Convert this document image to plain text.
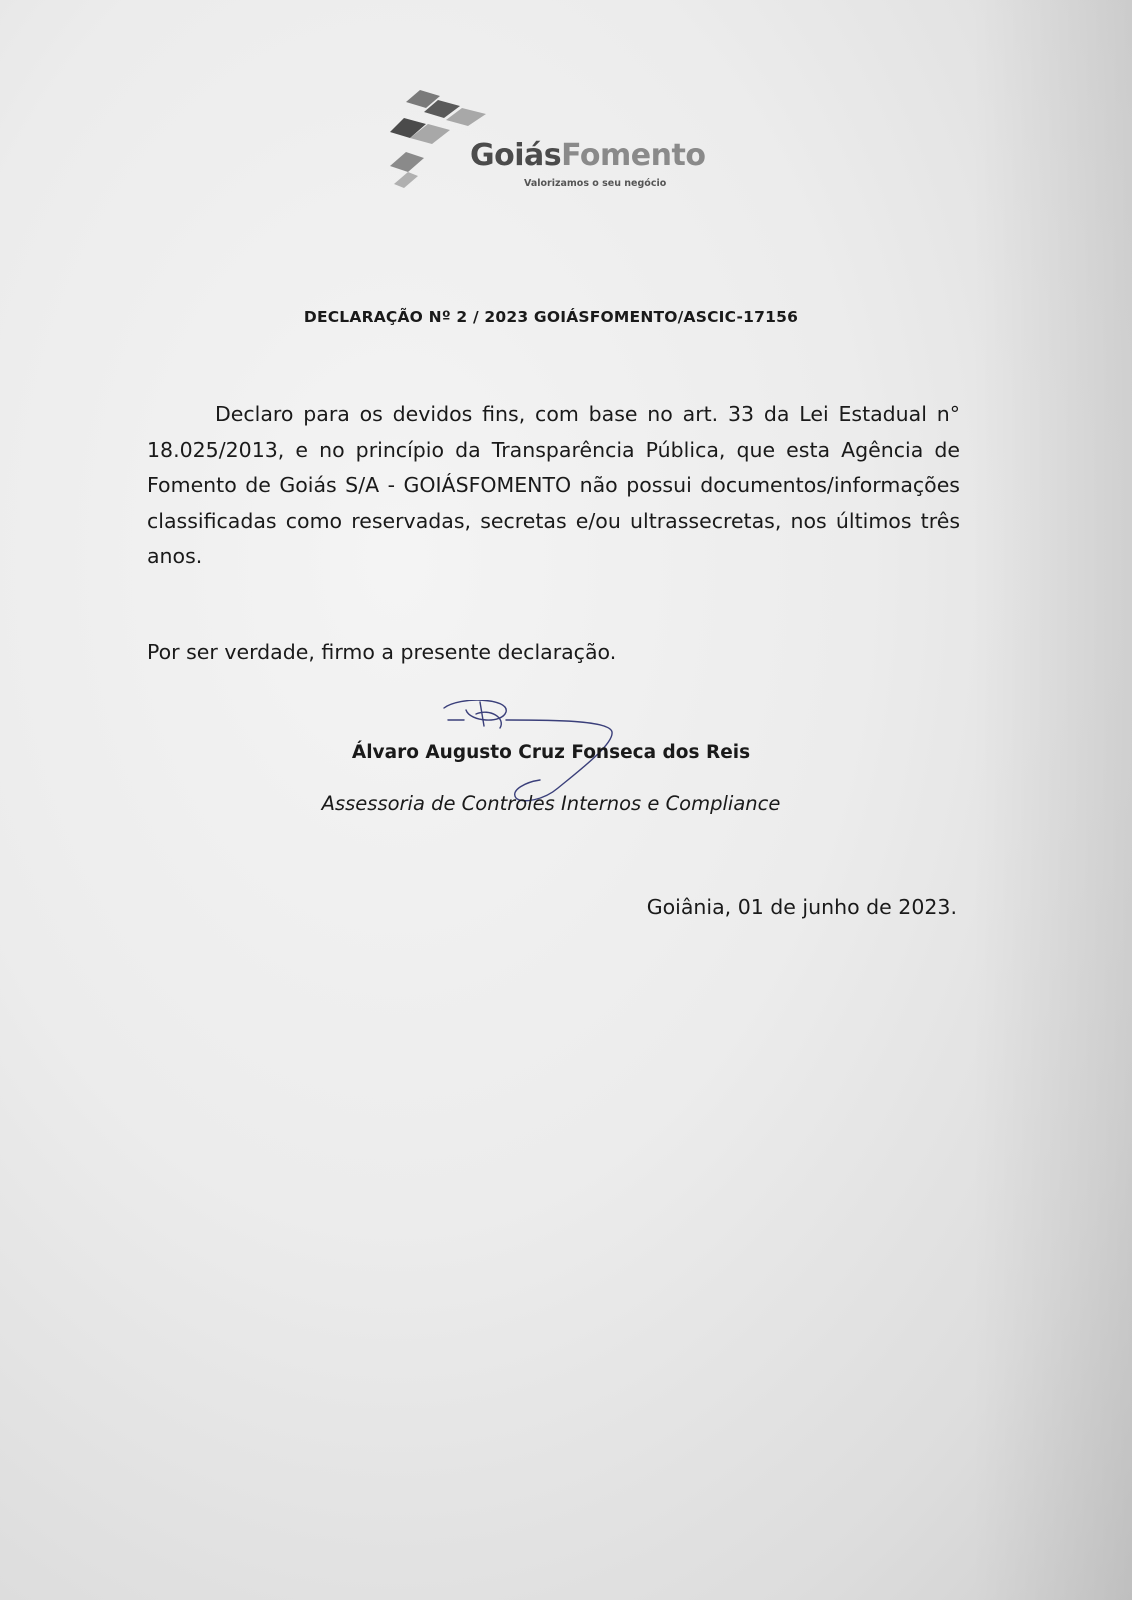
GoiásFomento
Valorizamos o seu negócio
DECLARAÇÃO Nº 2 / 2023 GOIÁSFOMENTO/ASCIC-17156

Declaro para os devidos fins, com base no art. 33 da Lei Estadual n° 18.025/2013, e no princípio da Transparência Pública, que esta Agência de Fomento de Goiás S/A - GOIÁSFOMENTO não possui documentos/informações classificadas como reservadas, secretas e/ou ultrassecretas, nos últimos três anos.

Por ser verdade, firmo a presente declaração.

Álvaro Augusto Cruz Fonseca dos Reis
Assessoria de Controles Internos e Compliance
Goiânia, 01 de junho de 2023.
